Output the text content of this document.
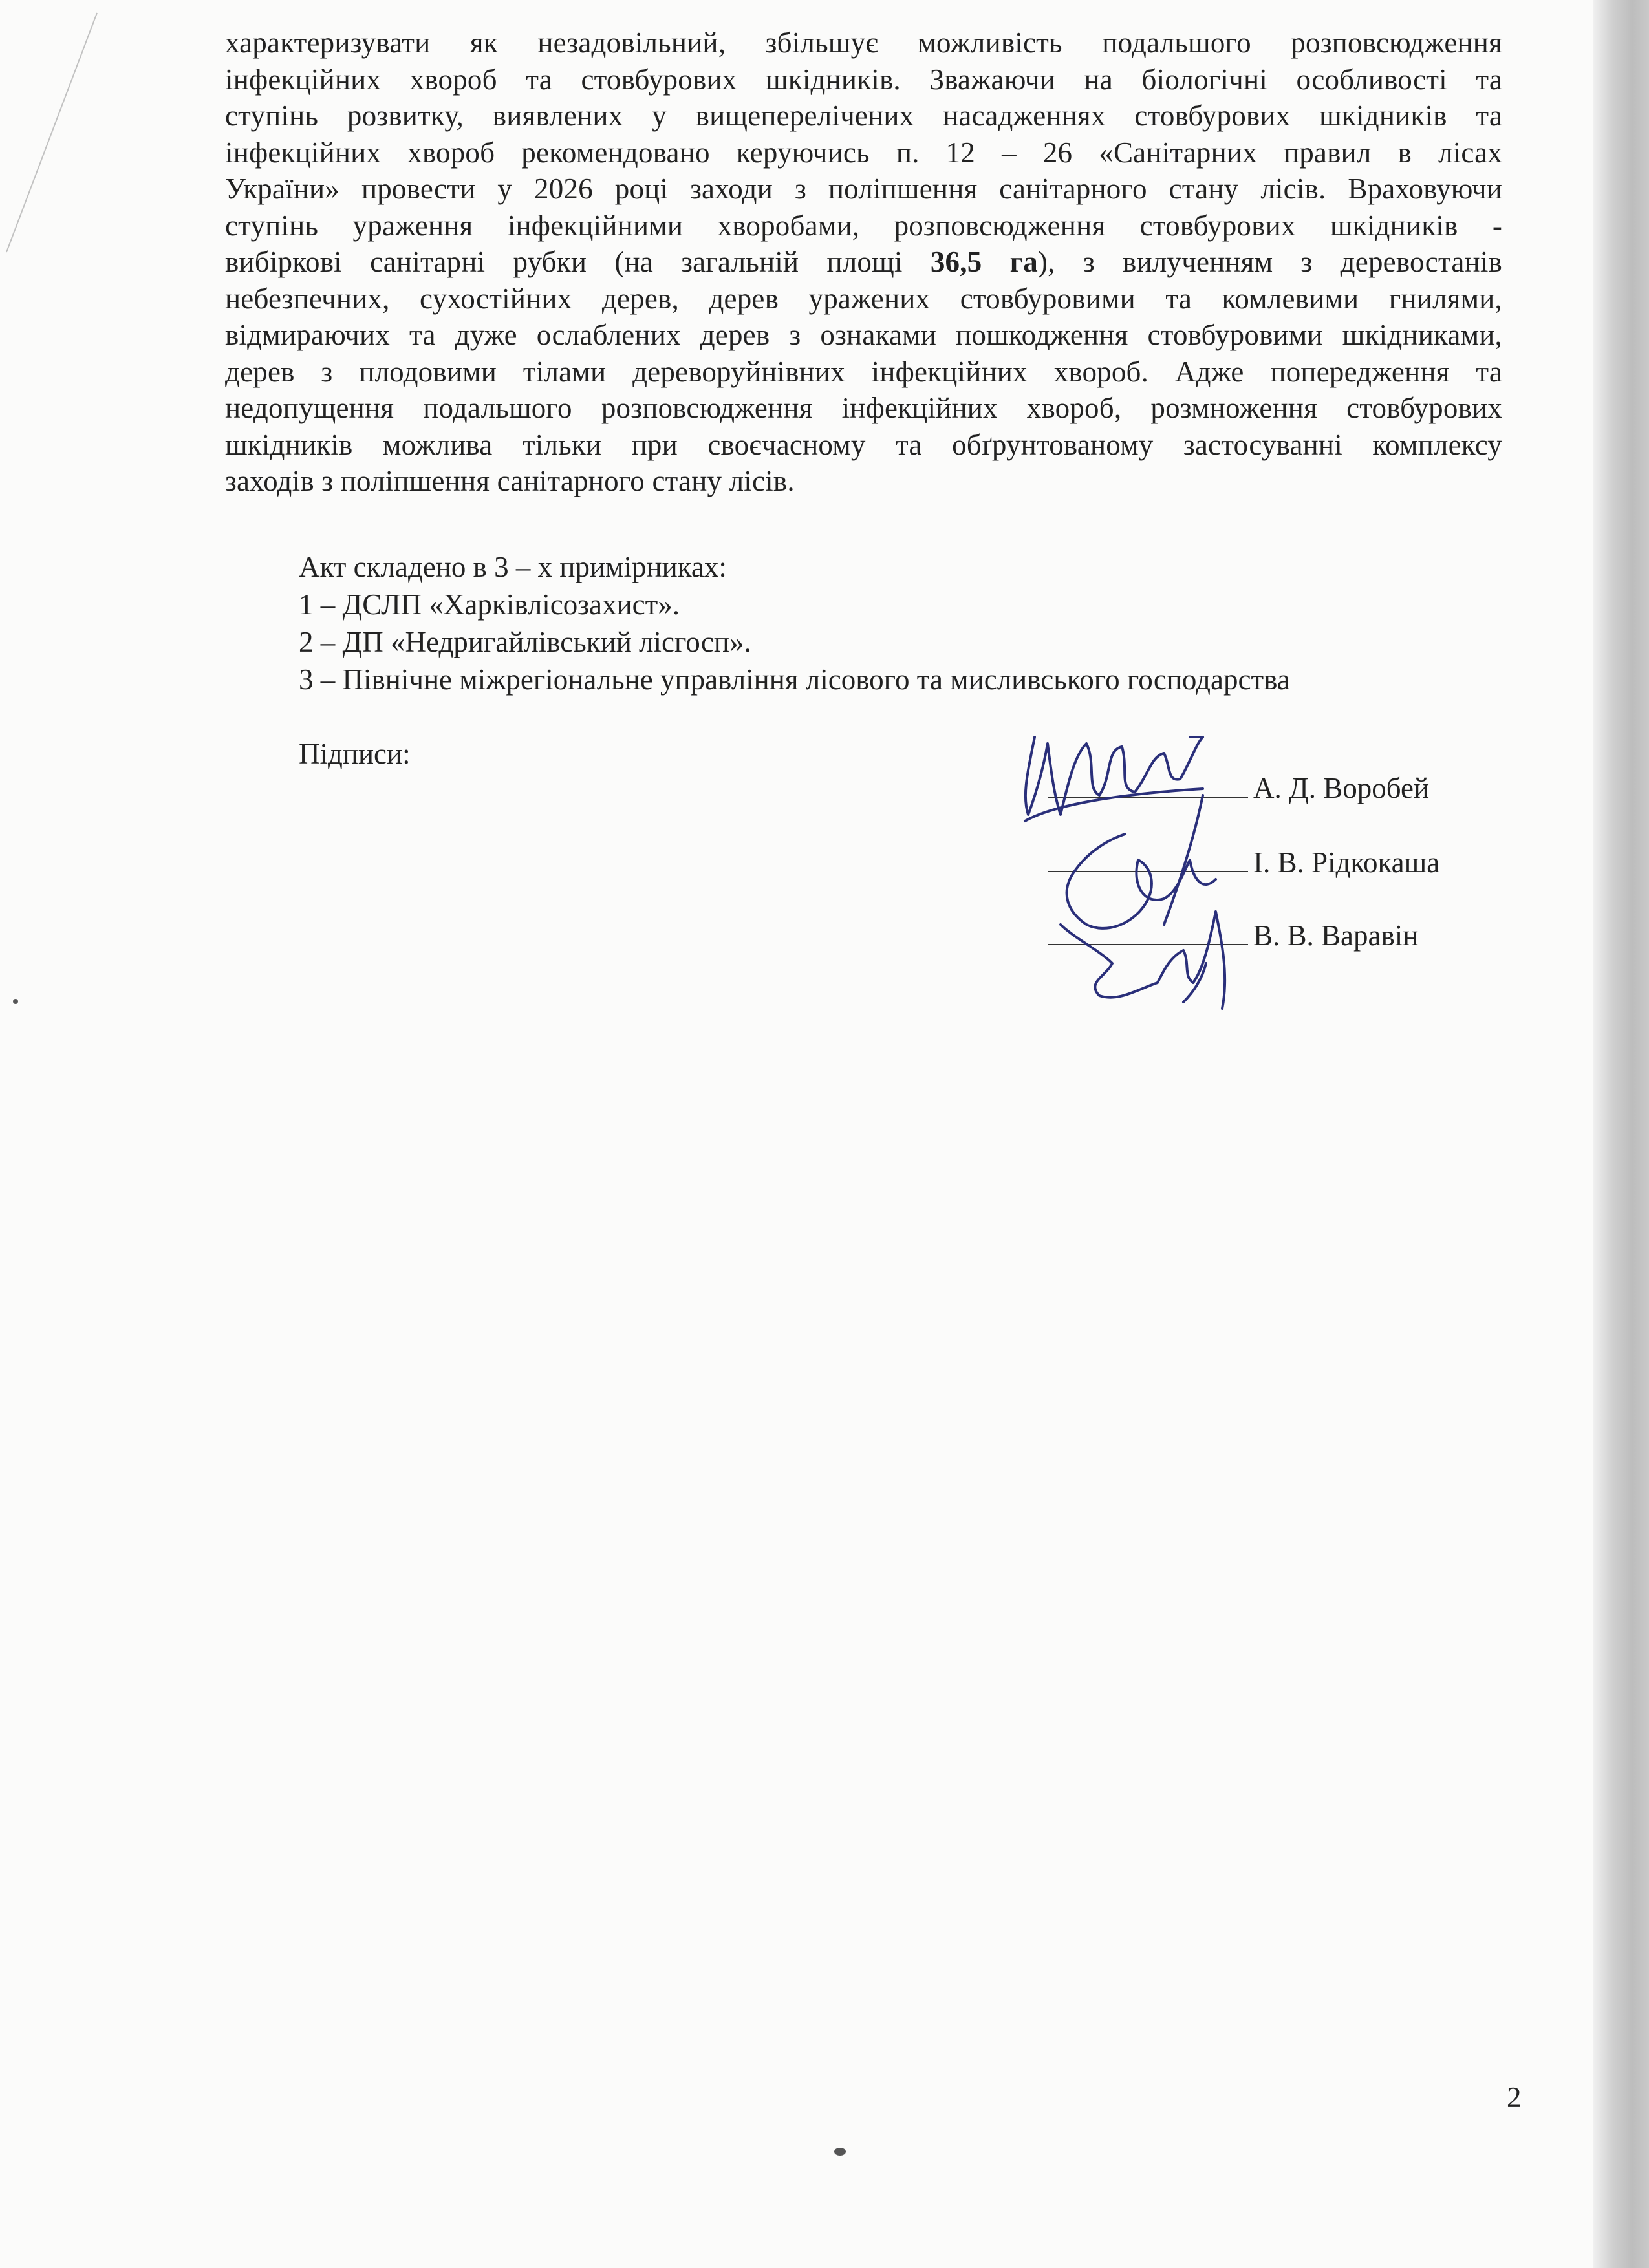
характеризувати як незадовільний, збільшує можливість подальшого розповсюдження
інфекційних хвороб та стовбурових шкідників. Зважаючи на біологічні особливості та
ступінь розвитку, виявлених у вищеперелічених насадженнях стовбурових шкідників та
інфекційних хвороб рекомендовано керуючись п. 12 – 26 «Санітарних правил в лісах
України» провести у 2026 році заходи з поліпшення санітарного стану лісів. Враховуючи
ступінь ураження інфекційними хворобами, розповсюдження стовбурових шкідників -
вибіркові санітарні рубки (на загальній площі 36,5 га), з вилученням з деревостанів
небезпечних, сухостійних дерев, дерев уражених стовбуровими та комлевими гнилями,
відмираючих та дуже ослаблених дерев з ознаками пошкодження стовбуровими шкідниками,
дерев з плодовими тілами дереворуйнівних інфекційних хвороб. Адже попередження та
недопущення подальшого розповсюдження інфекційних хвороб, розмноження стовбурових
шкідників можлива тільки при своєчасному та обґрунтованому застосуванні комплексу
заходів з поліпшення санітарного стану лісів.
Акт складено в 3 – х примірниках:
1 – ДСЛП «Харківлісозахист».
2 – ДП «Недригайлівський лісгосп».
3 – Північне міжрегіональне управління лісового та мисливського господарства
Підписи:
А. Д. Воробей
І. В. Рідкокаша
В. В. Варавін
2
